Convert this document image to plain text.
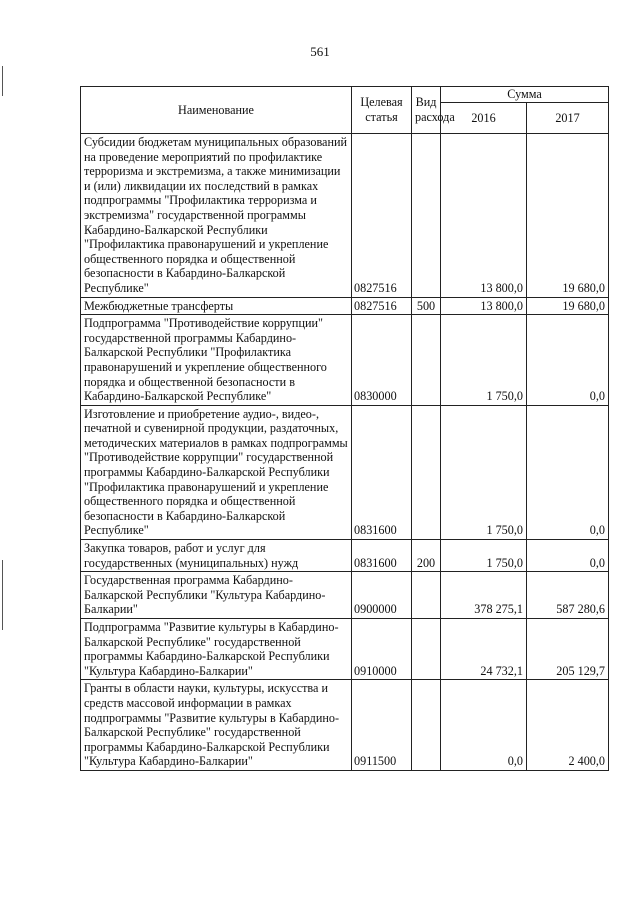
561
Наименование	Целевая статья	Вид расхода	Сумма	
			2016	2017
Субсидии бюджетам муниципальных образований на проведение мероприятий по профилактике терроризма и экстремизма, а также минимизации и (или) ликвидации их последствий в рамках подпрограммы "Профилактика терроризма и экстремизма" государственной программы Кабардино-Балкарской Республики "Профилактика правонарушений и укрепление общественного порядка и общественной безопасности в Кабардино-Балкарской Республике"	0827516		13 800,0	19 680,0
Межбюджетные трансферты	0827516	500	13 800,0	19 680,0
Подпрограмма "Противодействие коррупции" государственной программы Кабардино-Балкарской Республики "Профилактика правонарушений и укрепление общественного порядка и общественной безопасности в Кабардино-Балкарской Республике"	0830000		1 750,0	0,0
Изготовление и приобретение аудио-, видео-, печатной и сувенирной продукции, раздаточных, методических материалов в рамках подпрограммы "Противодействие коррупции" государственной программы Кабардино-Балкарской Республики "Профилактика правонарушений и укрепление общественного порядка и общественной безопасности в Кабардино-Балкарской Республике"	0831600		1 750,0	0,0
Закупка товаров, работ и услуг для государственных (муниципальных) нужд	0831600	200	1 750,0	0,0
Государственная программа Кабардино-Балкарской Республики "Культура Кабардино-Балкарии"	0900000		378 275,1	587 280,6
Подпрограмма "Развитие культуры в Кабардино-Балкарской Республике" государственной программы Кабардино-Балкарской Республики "Культура Кабардино-Балкарии"	0910000		24 732,1	205 129,7
Гранты в области науки, культуры, искусства и средств массовой информации в рамках подпрограммы "Развитие культуры в Кабардино-Балкарской Республике" государственной программы Кабардино-Балкарской Республики "Культура Кабардино-Балкарии"	0911500		0,0	2 400,0
